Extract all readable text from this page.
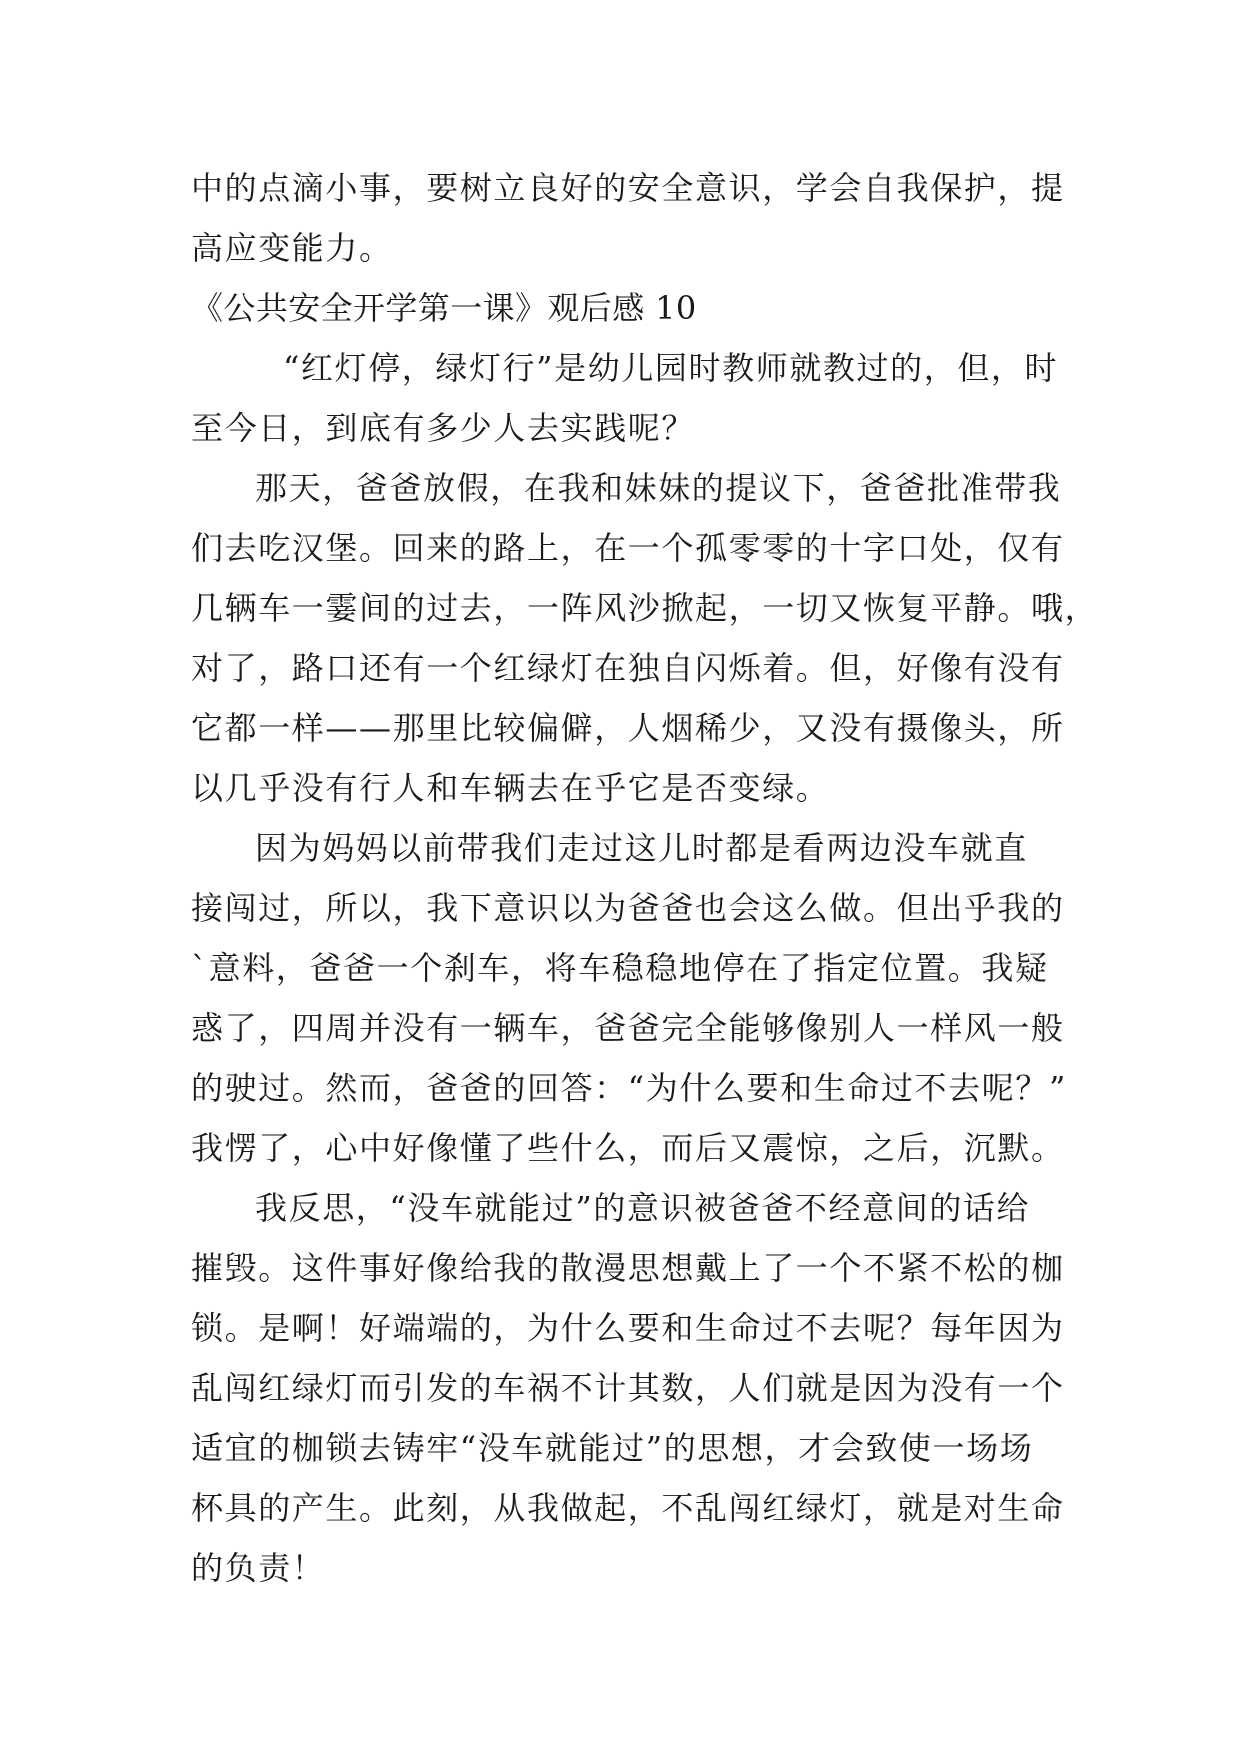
中的点滴小事，要树立良好的安全意识，学会自我保护，提
高应变能力。
《公共安全开学第一课》观后感 10
“红灯停，绿灯行”是幼儿园时教师就教过的，但，时
至今日，到底有多少人去实践呢？
那天，爸爸放假，在我和妹妹的提议下，爸爸批准带我
们去吃汉堡。回来的路上，在一个孤零零的十字口处，仅有
几辆车一霎间的过去，一阵风沙掀起，一切又恢复平静。哦，
对了，路口还有一个红绿灯在独自闪烁着。但，好像有没有
它都一样——那里比较偏僻，人烟稀少，又没有摄像头，所
以几乎没有行人和车辆去在乎它是否变绿。
因为妈妈以前带我们走过这儿时都是看两边没车就直
接闯过，所以，我下意识以为爸爸也会这么做。但出乎我的
`意料，爸爸一个刹车，将车稳稳地停在了指定位置。我疑
惑了，四周并没有一辆车，爸爸完全能够像别人一样风一般
的驶过。然而，爸爸的回答：“为什么要和生命过不去呢？”
我愣了，心中好像懂了些什么，而后又震惊，之后，沉默。
我反思，“没车就能过”的意识被爸爸不经意间的话给
摧毁。这件事好像给我的散漫思想戴上了一个不紧不松的枷
锁。是啊！好端端的，为什么要和生命过不去呢？每年因为
乱闯红绿灯而引发的车祸不计其数，人们就是因为没有一个
适宜的枷锁去铸牢“没车就能过”的思想，才会致使一场场
杯具的产生。此刻，从我做起，不乱闯红绿灯，就是对生命
的负责！
